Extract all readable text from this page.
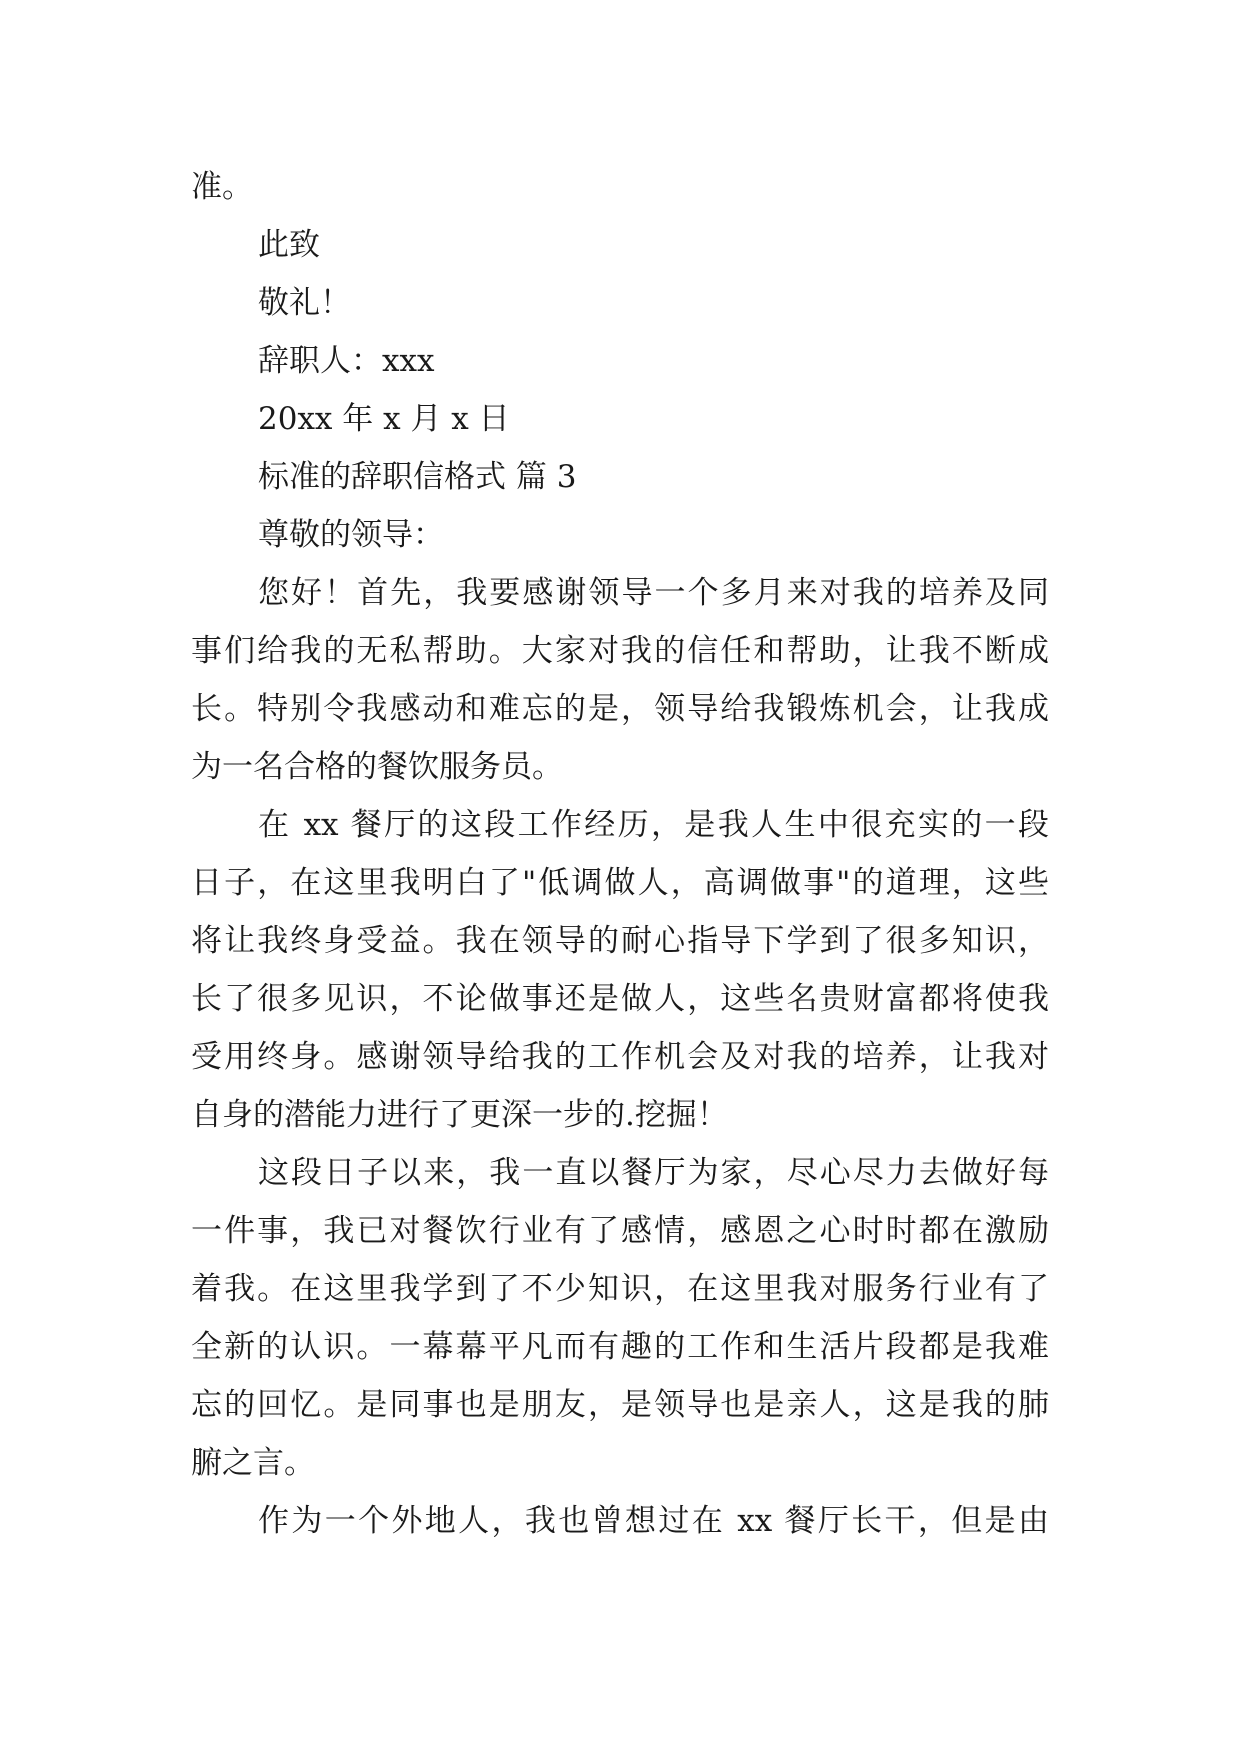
准。
此致
敬礼！
辞职人：xxx
20xx 年 x 月 x 日
标准的辞职信格式 篇 3
尊敬的领导：
您好！首先，我要感谢领导一个多月来对我的培养及同
事们给我的无私帮助。大家对我的信任和帮助，让我不断成
长。特别令我感动和难忘的是，领导给我锻炼机会，让我成
为一名合格的餐饮服务员。
在 xx 餐厅的这段工作经历，是我人生中很充实的一段
日子，在这里我明白了"低调做人，高调做事"的道理，这些
将让我终身受益。我在领导的耐心指导下学到了很多知识，
长了很多见识，不论做事还是做人，这些名贵财富都将使我
受用终身。感谢领导给我的工作机会及对我的培养，让我对
自身的潜能力进行了更深一步的.挖掘！
这段日子以来，我一直以餐厅为家，尽心尽力去做好每
一件事，我已对餐饮行业有了感情，感恩之心时时都在激励
着我。在这里我学到了不少知识，在这里我对服务行业有了
全新的认识。一幕幕平凡而有趣的工作和生活片段都是我难
忘的回忆。是同事也是朋友，是领导也是亲人，这是我的肺
腑之言。
作为一个外地人，我也曾想过在 xx 餐厅长干，但是由
